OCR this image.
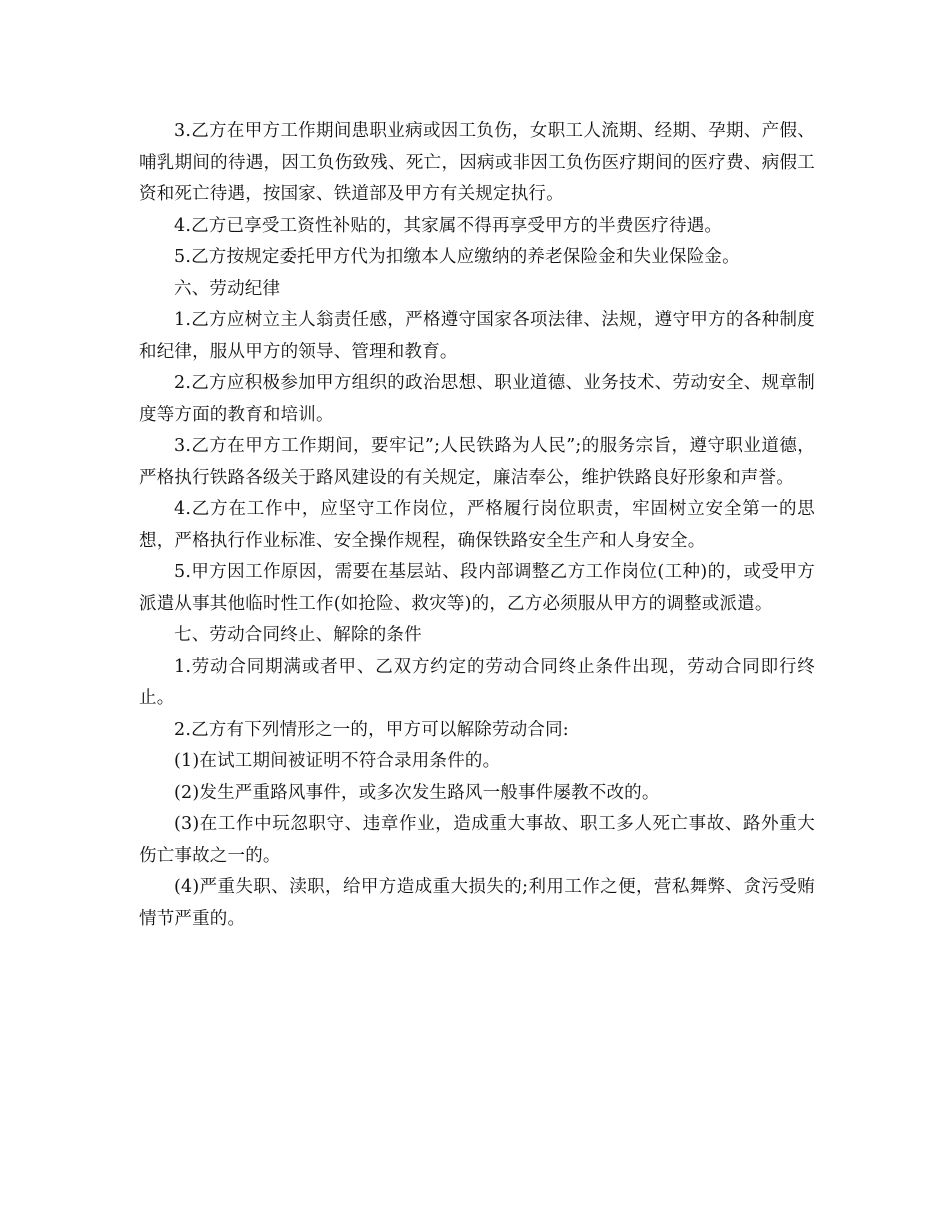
3.乙方在甲方工作期间患职业病或因工负伤，女职工人流期、经期、孕期、产假、哺乳期间的待遇，因工负伤致残、死亡，因病或非因工负伤医疗期间的医疗费、病假工资和死亡待遇，按国家、铁道部及甲方有关规定执行。

4.乙方已享受工资性补贴的，其家属不得再享受甲方的半费医疗待遇。

5.乙方按规定委托甲方代为扣缴本人应缴纳的养老保险金和失业保险金。

六、劳动纪律

1.乙方应树立主人翁责任感，严格遵守国家各项法律、法规，遵守甲方的各种制度和纪律，服从甲方的领导、管理和教育。

2.乙方应积极参加甲方组织的政治思想、职业道德、业务技术、劳动安全、规章制度等方面的教育和培训。

3.乙方在甲方工作期间，要牢记”;人民铁路为人民”;的服务宗旨，遵守职业道德，严格执行铁路各级关于路风建设的有关规定，廉洁奉公，维护铁路良好形象和声誉。

4.乙方在工作中，应坚守工作岗位，严格履行岗位职责，牢固树立安全第一的思想，严格执行作业标准、安全操作规程，确保铁路安全生产和人身安全。

5.甲方因工作原因，需要在基层站、段内部调整乙方工作岗位(工种)的，或受甲方派遣从事其他临时性工作(如抢险、救灾等)的，乙方必须服从甲方的调整或派遣。

七、劳动合同终止、解除的条件

1.劳动合同期满或者甲、乙双方约定的劳动合同终止条件出现，劳动合同即行终止。

2.乙方有下列情形之一的，甲方可以解除劳动合同:

(1)在试工期间被证明不符合录用条件的。

(2)发生严重路风事件，或多次发生路风一般事件屡教不改的。

(3)在工作中玩忽职守、违章作业，造成重大事故、职工多人死亡事故、路外重大伤亡事故之一的。

(4)严重失职、渎职，给甲方造成重大损失的;利用工作之便，营私舞弊、贪污受贿情节严重的。
